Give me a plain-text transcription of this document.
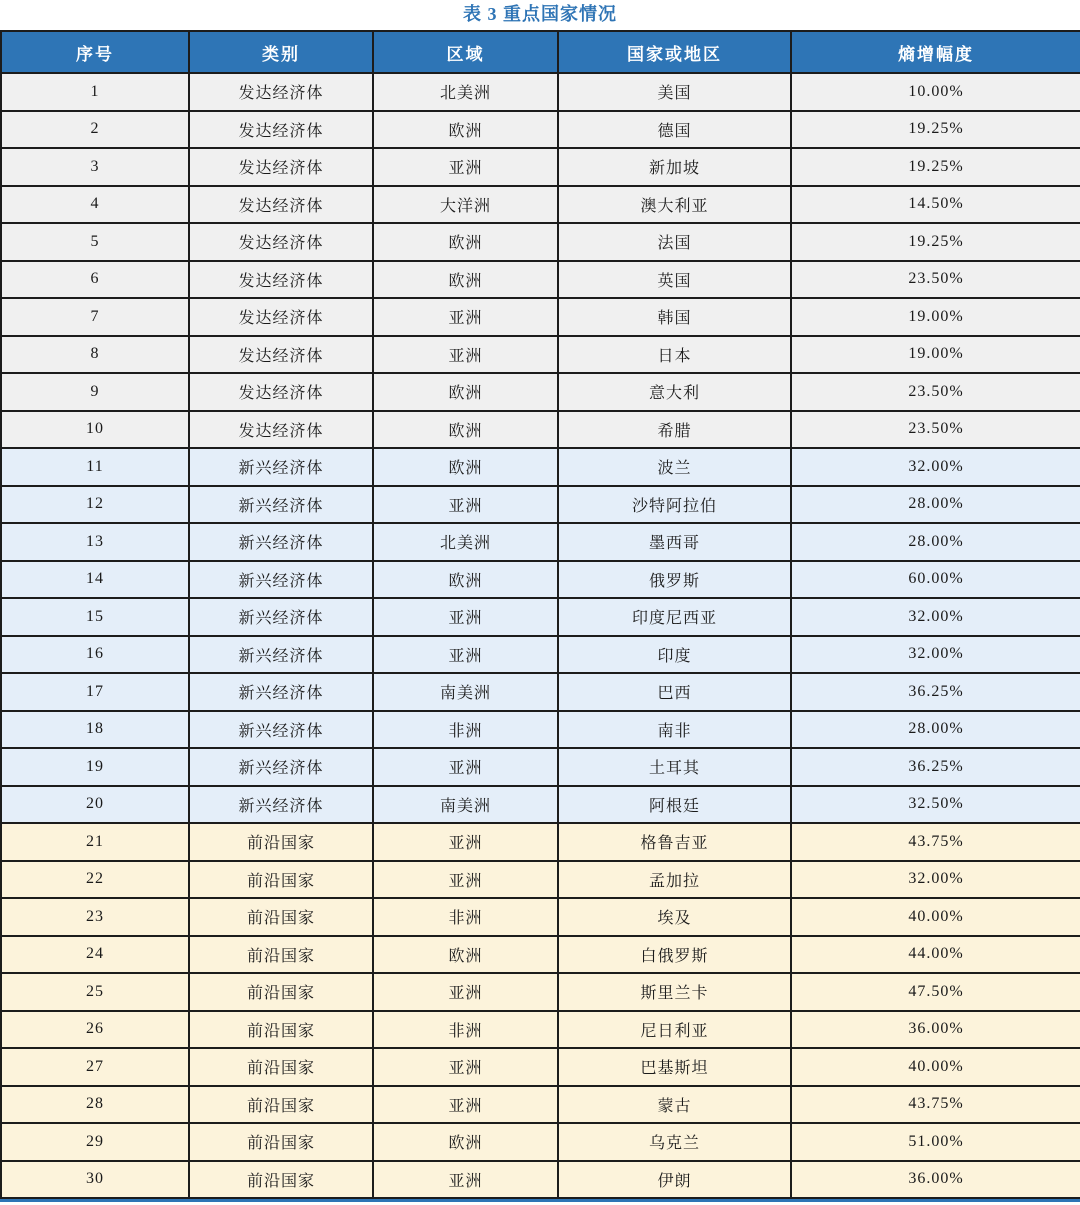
表 3 重点国家情况
序号	类别	区域	国家或地区	熵增幅度
1	发达经济体	北美洲	美国	10.00%
2	发达经济体	欧洲	德国	19.25%
3	发达经济体	亚洲	新加坡	19.25%
4	发达经济体	大洋洲	澳大利亚	14.50%
5	发达经济体	欧洲	法国	19.25%
6	发达经济体	欧洲	英国	23.50%
7	发达经济体	亚洲	韩国	19.00%
8	发达经济体	亚洲	日本	19.00%
9	发达经济体	欧洲	意大利	23.50%
10	发达经济体	欧洲	希腊	23.50%
11	新兴经济体	欧洲	波兰	32.00%
12	新兴经济体	亚洲	沙特阿拉伯	28.00%
13	新兴经济体	北美洲	墨西哥	28.00%
14	新兴经济体	欧洲	俄罗斯	60.00%
15	新兴经济体	亚洲	印度尼西亚	32.00%
16	新兴经济体	亚洲	印度	32.00%
17	新兴经济体	南美洲	巴西	36.25%
18	新兴经济体	非洲	南非	28.00%
19	新兴经济体	亚洲	土耳其	36.25%
20	新兴经济体	南美洲	阿根廷	32.50%
21	前沿国家	亚洲	格鲁吉亚	43.75%
22	前沿国家	亚洲	孟加拉	32.00%
23	前沿国家	非洲	埃及	40.00%
24	前沿国家	欧洲	白俄罗斯	44.00%
25	前沿国家	亚洲	斯里兰卡	47.50%
26	前沿国家	非洲	尼日利亚	36.00%
27	前沿国家	亚洲	巴基斯坦	40.00%
28	前沿国家	亚洲	蒙古	43.75%
29	前沿国家	欧洲	乌克兰	51.00%
30	前沿国家	亚洲	伊朗	36.00%
